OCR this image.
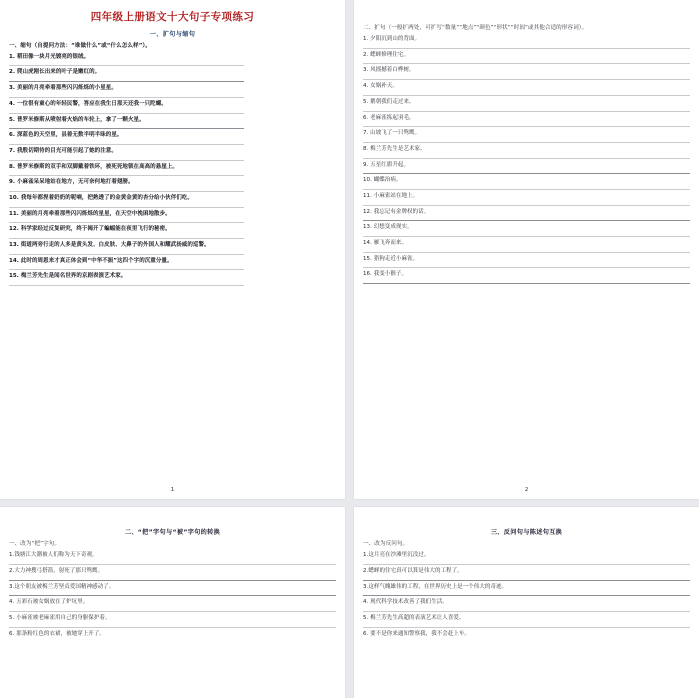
四年级上册语文十大句子专项练习
一、扩句与缩句
一、缩句（自提问方法：“谁做什么”或“什么怎么样”）。
1. 稻田像一块月光镀亮的银绒。
2. 爬山虎刚长出来的叶子是嫩红的。
3. 美丽的月亮牵着那些闪闪烁烁的小星星。
4. 一位很有童心的年轻民警，答应在我生日那天还我一只陀螺。
5. 普罗米修斯从喷射着火焰的车轮上，拿了一颗火星。
6. 深蓝色的天空里，县着无数半明半昧的星。
7. 我殷切期待的目光可能引起了她的注意。
8. 普罗米修斯的双手和双脚戴着铁环，被死死地锁在高高的悬崖上。
9. 小麻雀呆呆地站在地方，无可奈何地打着翅膀。
10. 我每年都捏着奶奶的呢喃，把熟透了的金黄金黄的杏分给小伙伴们吃。
11. 美丽的月亮牵着那些闪闪烁烁的星星，在天空中挽困地散步。
12. 科学家经过反复研究，终于揭开了蝙蝠能在夜里飞行的秘密。
13. 街道两旁行走的人多是黄头发、白皮肤、大鼻子的外国人和耀武扬威的巡警。
14. 此时的周恩来才真正体会到“中华不振”这四个字的沉重分量。
15. 梅兰芳先生是闻名世界的京剧表演艺术家。
1
二、扩句（一般扩两处，可扩写“数量”“地点”“颜色”“形状”“时间”或其他合适的形容词）。
1. 夕阳沉到山的背面。
2. 蟋蟀修理住宅。
3. 风摇撼着白桦树。
4. 女娲补天。
5. 鹅朝我们走过来。
6. 老麻雀拣起羽毛。
7. 山坡飞了一只鸳鹰。
8. 梅兰芳先生是艺术家。
9. 五星红旗升起。
10. 蝴蝶治病。
11. 小麻雀站在地上。
12. 我忘记有金牌权的话。
13. 幻想变成现实。
14. 雁飞奔而来。
15. 猎狗走近小麻雀。
16. 我变小猴子。
2
二、“把”字句与“被”字句的转换
一、改为“把”字句。
1.钱塘江大潮被人们称为天下奇观。
2.大力神搜弓搭箭，射死了那只鸳鹰。
3.这个朋友被梅兰芳坚贞爱国精神感动了。
4. 五彩石被女娲放在了炉坑里。
5. 小麻雀被老麻雀用自己的身躯保护着。
6. 那条粉红色的衣裙，被她穿上开了。
三、反问句与陈述句互换
一、改为反问句。
1.这月亮在沙滩里沉没过。
2.蟋蟀的住宅真可以算是伟大的工程了。
3.这样气魄雄伟的工程，在世界历史上是一个伟大的奇迹。
4. 现代科学技术改善了我们生活。
5. 梅兰芳先生高超的表演艺术让人喜爱。
6. 要不是你来通知警察我，我不会赶上车。
